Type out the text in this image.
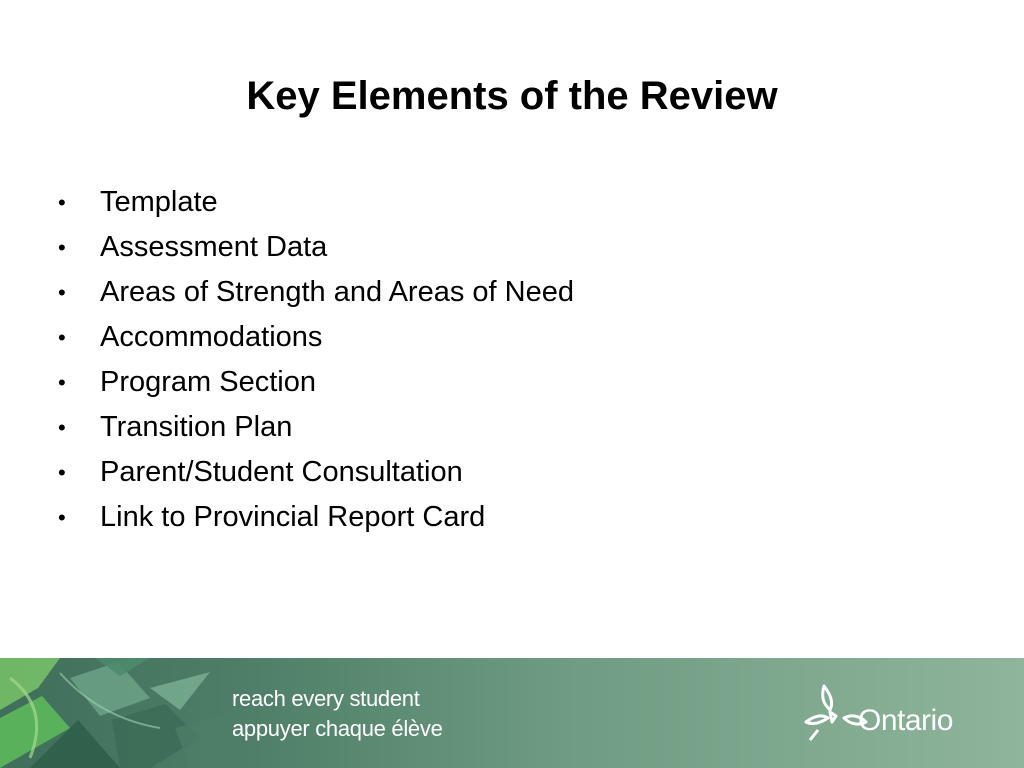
Key Elements of the Review
•	Template
•	Assessment Data
•	Areas of Strength and Areas of Need
•	Accommodations
•	Program Section
•	Transition Plan
•	Parent/Student Consultation
•	Link to Provincial Report Card
reach every student
appuyer chaque élève	Ontario
